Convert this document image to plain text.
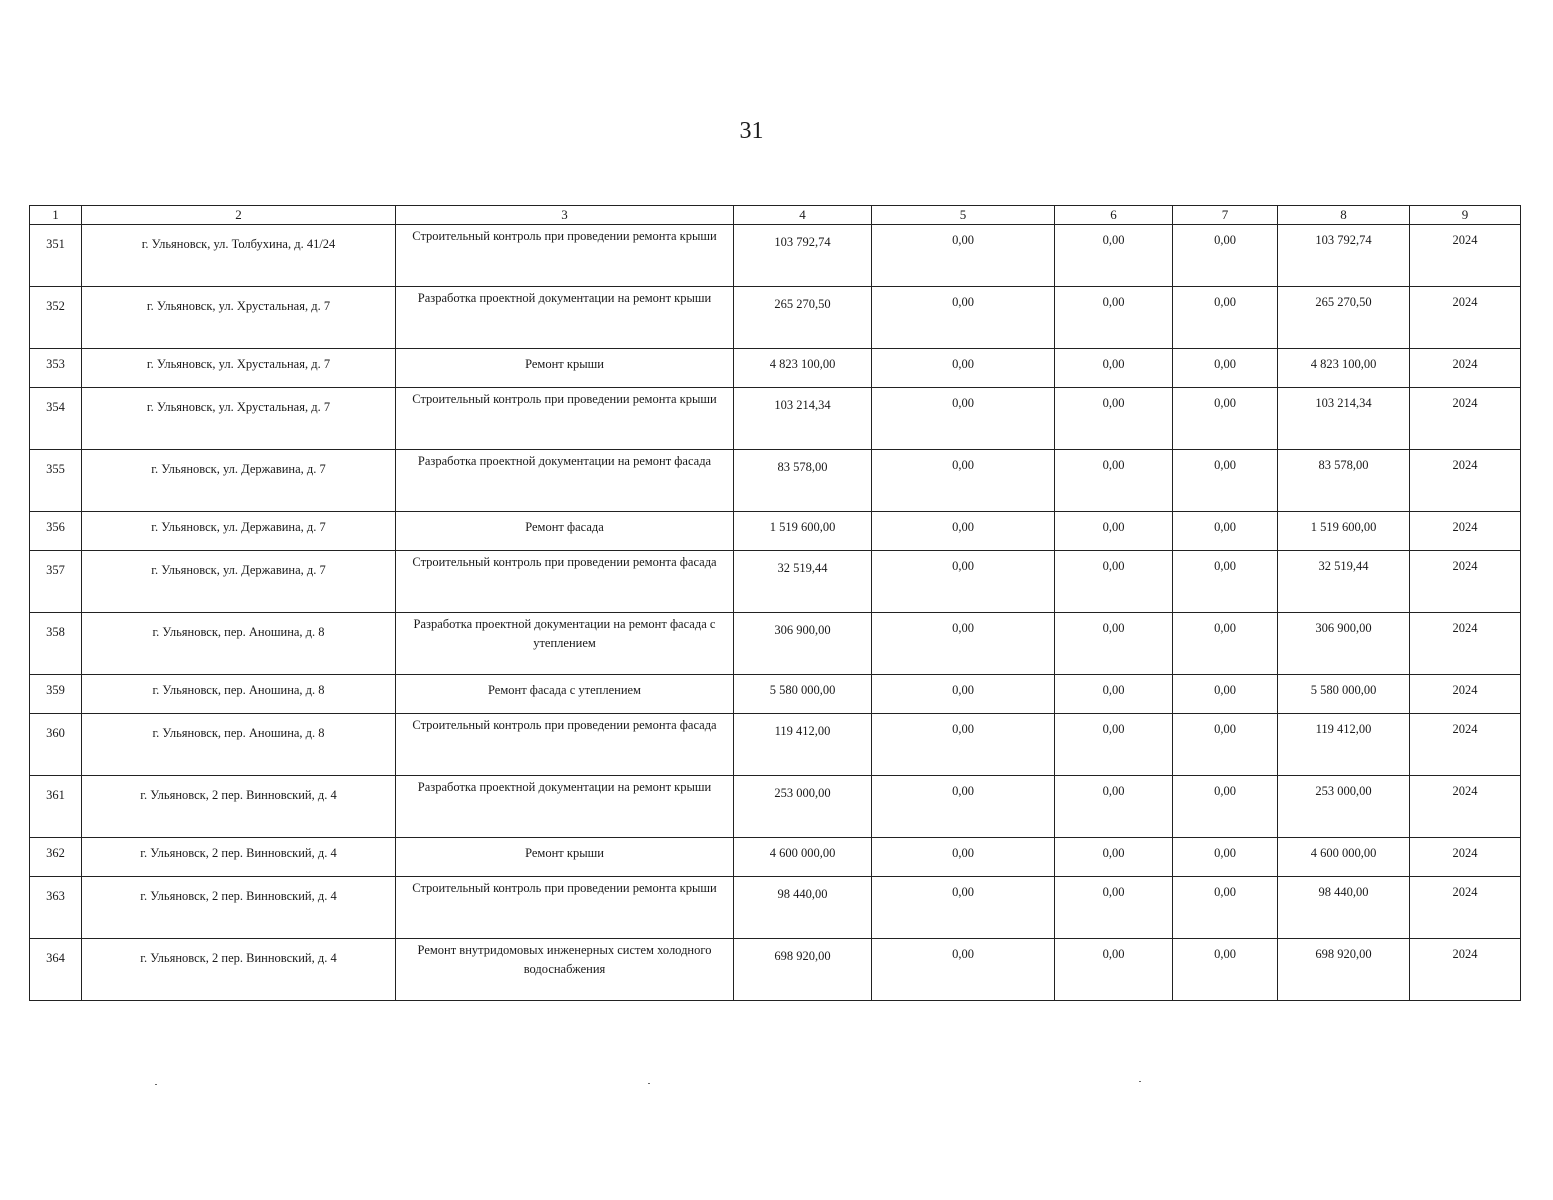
31
1	2	3	4	5	6	7	8	9
351	г. Ульяновск, ул. Толбухина, д. 41/24	Строительный контроль при проведении ремонта крыши	103 792,74	0,00	0,00	0,00	103 792,74	2024
352	г. Ульяновск, ул. Хрустальная, д. 7	Разработка проектной документации на ремонт крыши	265 270,50	0,00	0,00	0,00	265 270,50	2024
353	г. Ульяновск, ул. Хрустальная, д. 7	Ремонт крыши	4 823 100,00	0,00	0,00	0,00	4 823 100,00	2024
354	г. Ульяновск, ул. Хрустальная, д. 7	Строительный контроль при проведении ремонта крыши	103 214,34	0,00	0,00	0,00	103 214,34	2024
355	г. Ульяновск, ул. Державина, д. 7	Разработка проектной документации на ремонт фасада	83 578,00	0,00	0,00	0,00	83 578,00	2024
356	г. Ульяновск, ул. Державина, д. 7	Ремонт фасада	1 519 600,00	0,00	0,00	0,00	1 519 600,00	2024
357	г. Ульяновск, ул. Державина, д. 7	Строительный контроль при проведении ремонта фасада	32 519,44	0,00	0,00	0,00	32 519,44	2024
358	г. Ульяновск, пер. Аношина, д. 8	Разработка проектной документации на ремонт фасада с утеплением	306 900,00	0,00	0,00	0,00	306 900,00	2024
359	г. Ульяновск, пер. Аношина, д. 8	Ремонт фасада с утеплением	5 580 000,00	0,00	0,00	0,00	5 580 000,00	2024
360	г. Ульяновск, пер. Аношина, д. 8	Строительный контроль при проведении ремонта фасада	119 412,00	0,00	0,00	0,00	119 412,00	2024
361	г. Ульяновск, 2 пер. Винновский, д. 4	Разработка проектной документации на ремонт крыши	253 000,00	0,00	0,00	0,00	253 000,00	2024
362	г. Ульяновск, 2 пер. Винновский, д. 4	Ремонт крыши	4 600 000,00	0,00	0,00	0,00	4 600 000,00	2024
363	г. Ульяновск, 2 пер. Винновский, д. 4	Строительный контроль при проведении ремонта крыши	98 440,00	0,00	0,00	0,00	98 440,00	2024
364	г. Ульяновск, 2 пер. Винновский, д. 4	Ремонт внутридомовых инженерных систем холодного водоснабжения	698 920,00	0,00	0,00	0,00	698 920,00	2024
